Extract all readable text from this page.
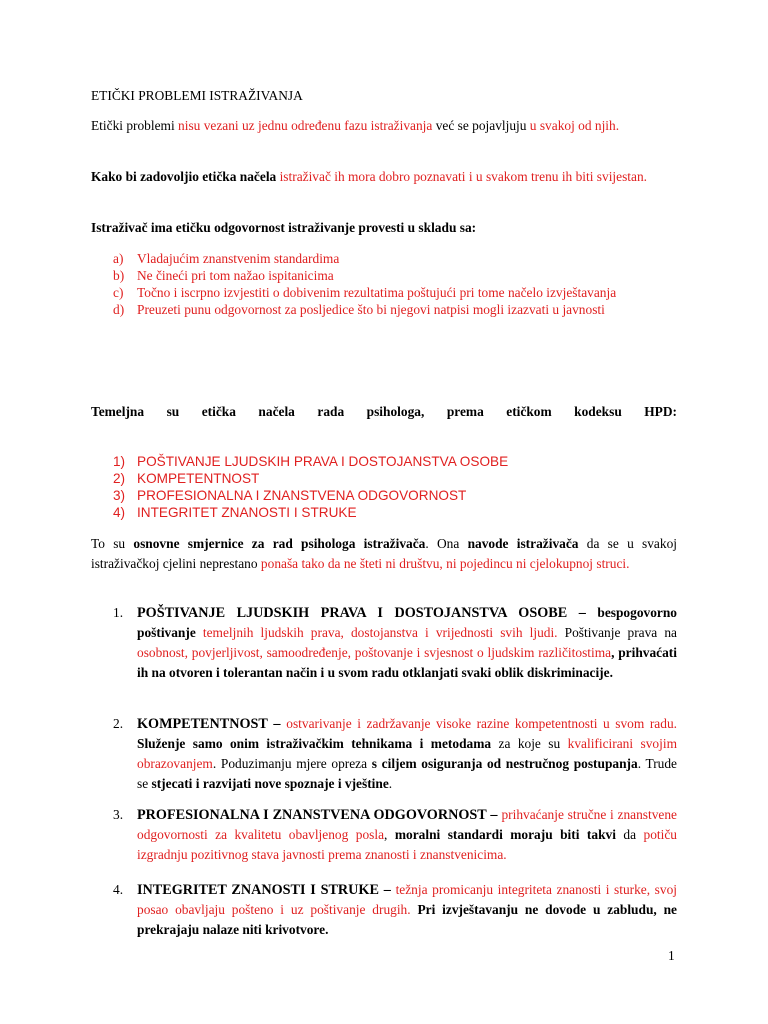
ETIČKI PROBLEMI ISTRAŽIVANJA
Etički problemi nisu vezani uz jednu određenu fazu istraživanja već se pojavljuju u svakoj od njih.
Kako bi zadovoljio etička načela istraživač ih mora dobro poznavati i u svakom trenu ih biti svijestan.
Istraživač ima etičku odgovornost istraživanje provesti u skladu sa:
a) Vladajućim znanstvenim standardima
b) Ne čineći pri tom nažao ispitanicima
c) Točno i iscrpno izvjestiti o dobivenim rezultatima poštujući pri tome načelo izvještavanja
d) Preuzeti punu odgovornost za posljedice što bi njegovi natpisi mogli izazvati u javnosti
Temeljna su etička načela rada psihologa, prema etičkom kodeksu HPD:
1) POŠTIVANJE LJUDSKIH PRAVA I DOSTOJANSTVA OSOBE
2) KOMPETENTNOST
3) PROFESIONALNA I ZNANSTVENA ODGOVORNOST
4) INTEGRITET ZNANOSTI I STRUKE
To su osnovne smjernice za rad psihologa istraživača. Ona navode istraživača da se u svakoj istraživačkoj cjelini neprestano ponaša tako da ne šteti ni društvu, ni pojedincu ni cjelokupnoj struci.
1. POŠTIVANJE LJUDSKIH PRAVA I DOSTOJANSTVA OSOBE – bespogovorno poštivanje temeljnih ljudskih prava, dostojanstva i vrijednosti svih ljudi. Poštivanje prava na osobnost, povjerljivost, samoodređenje, poštovanje i svjesnost o ljudskim različitostima, prihvaćati ih na otvoren i tolerantan način i u svom radu otklanjati svaki oblik diskriminacije.
2. KOMPETENTNOST – ostvarivanje i zadržavanje visoke razine kompetentnosti u svom radu. Služenje samo onim istraživačkim tehnikama i metodama za koje su kvalificirani svojim obrazovanjem. Poduzimanju mjere opreza s ciljem osiguranja od nestručnog postupanja. Trude se stjecati i razvijati nove spoznaje i vještine.
3. PROFESIONALNA I ZNANSTVENA ODGOVORNOST – prihvaćanje stručne i znanstvene odgovornosti za kvalitetu obavljenog posla, moralni standardi moraju biti takvi da potiču izgradnju pozitivnog stava javnosti prema znanosti i znanstvenicima.
4. INTEGRITET ZNANOSTI I STRUKE – težnja promicanju integriteta znanosti i sturke, svoj posao obavljaju pošteno i uz poštivanje drugih. Pri izvještavanju ne dovode u zabludu, ne prekrajaju nalaze niti krivotvore.
1
